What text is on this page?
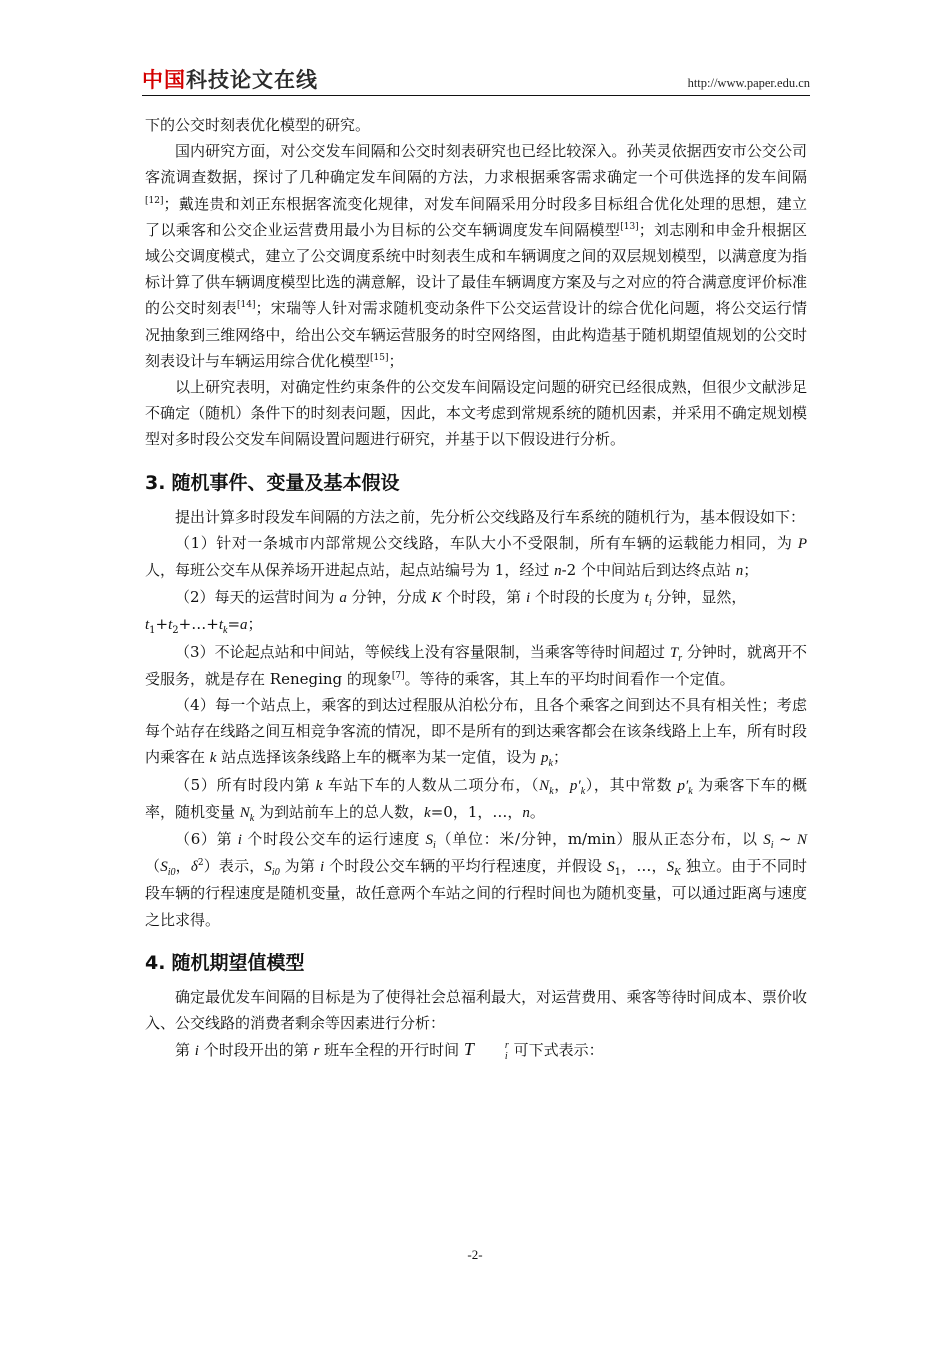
中国科技论文在线	http://www.paper.edu.cn

下的公交时刻表优化模型的研究。

国内研究方面，对公交发车间隔和公交时刻表研究也已经比较深入。孙芙灵依据西安市公交公司客流调查数据，探讨了几种确定发车间隔的方法，力求根据乘客需求确定一个可供选择的发车间隔[12]；戴连贵和刘正东根据客流变化规律，对发车间隔采用分时段多目标组合优化处理的思想，建立了以乘客和公交企业运营费用最小为目标的公交车辆调度发车间隔模型[13]；刘志刚和申金升根据区域公交调度模式，建立了公交调度系统中时刻表生成和车辆调度之间的双层规划模型，以满意度为指标计算了供车辆调度模型比选的满意解，设计了最佳车辆调度方案及与之对应的符合满意度评价标准的公交时刻表[14]；宋瑞等人针对需求随机变动条件下公交运营设计的综合优化问题，将公交运行情况抽象到三维网络中，给出公交车辆运营服务的时空网络图，由此构造基于随机期望值规划的公交时刻表设计与车辆运用综合优化模型[15]；

以上研究表明，对确定性约束条件的公交发车间隔设定问题的研究已经很成熟，但很少文献涉足不确定（随机）条件下的时刻表问题，因此，本文考虑到常规系统的随机因素，并采用不确定规划模型对多时段公交发车间隔设置问题进行研究，并基于以下假设进行分析。

3. 随机事件、变量及基本假设

提出计算多时段发车间隔的方法之前，先分析公交线路及行车系统的随机行为，基本假设如下：

（1）针对一条城市内部常规公交线路，车队大小不受限制，所有车辆的运载能力相同，为 P 人，每班公交车从保养场开进起点站，起点站编号为 1，经过 n-2 个中间站后到达终点站 n；

（2）每天的运营时间为 a 分钟，分成 K 个时段，第 i 个时段的长度为 $t_i$ 分钟，显然，
$t_1+t_2+\dots+t_k=a$；

（3）不论起点站和中间站，等候线上没有容量限制，当乘客等待时间超过 $T_r$ 分钟时，就离开不受服务，就是存在 Reneging 的现象[7]。等待的乘客，其上车的平均时间看作一个定值。

（4）每一个站点上，乘客的到达过程服从泊松分布，且各个乘客之间到达不具有相关性；考虑每个站存在线路之间互相竞争客流的情况，即不是所有的到达乘客都会在该条线路上上车，所有时段内乘客在 k 站点选择该条线路上车的概率为某一定值，设为 $p_k$；

（5）所有时段内第 k 车站下车的人数从二项分布，（$N_k$，$p'_k$），其中常数 $p'_k$ 为乘客下车的概率，随机变量 $N_k$ 为到站前车上的总人数，k=0，1，…，n。

（6）第 i 个时段公交车的运行速度 $S_i$（单位：米/分钟，m/min）服从正态分布，以 $S_i$ ~ $N(S_{i0}$，$\delta^2$）表示，$S_{i0}$ 为第 i 个时段公交车辆的平均行程速度，并假设 $S_1$，…，$S_K$ 独立。由于不同时段车辆的行程速度是随机变量，故任意两个车站之间的行程时间也为随机变量，可以通过距离与速度之比求得。

4. 随机期望值模型

确定最优发车间隔的目标是为了使得社会总福利最大，对运营费用、乘客等待时间成本、票价收入、公交线路的消费者剩余等因素进行分析：

第 i 个时段开出的第 r 班车全程的开行时间 T	r
i 可下式表示：

-2-
